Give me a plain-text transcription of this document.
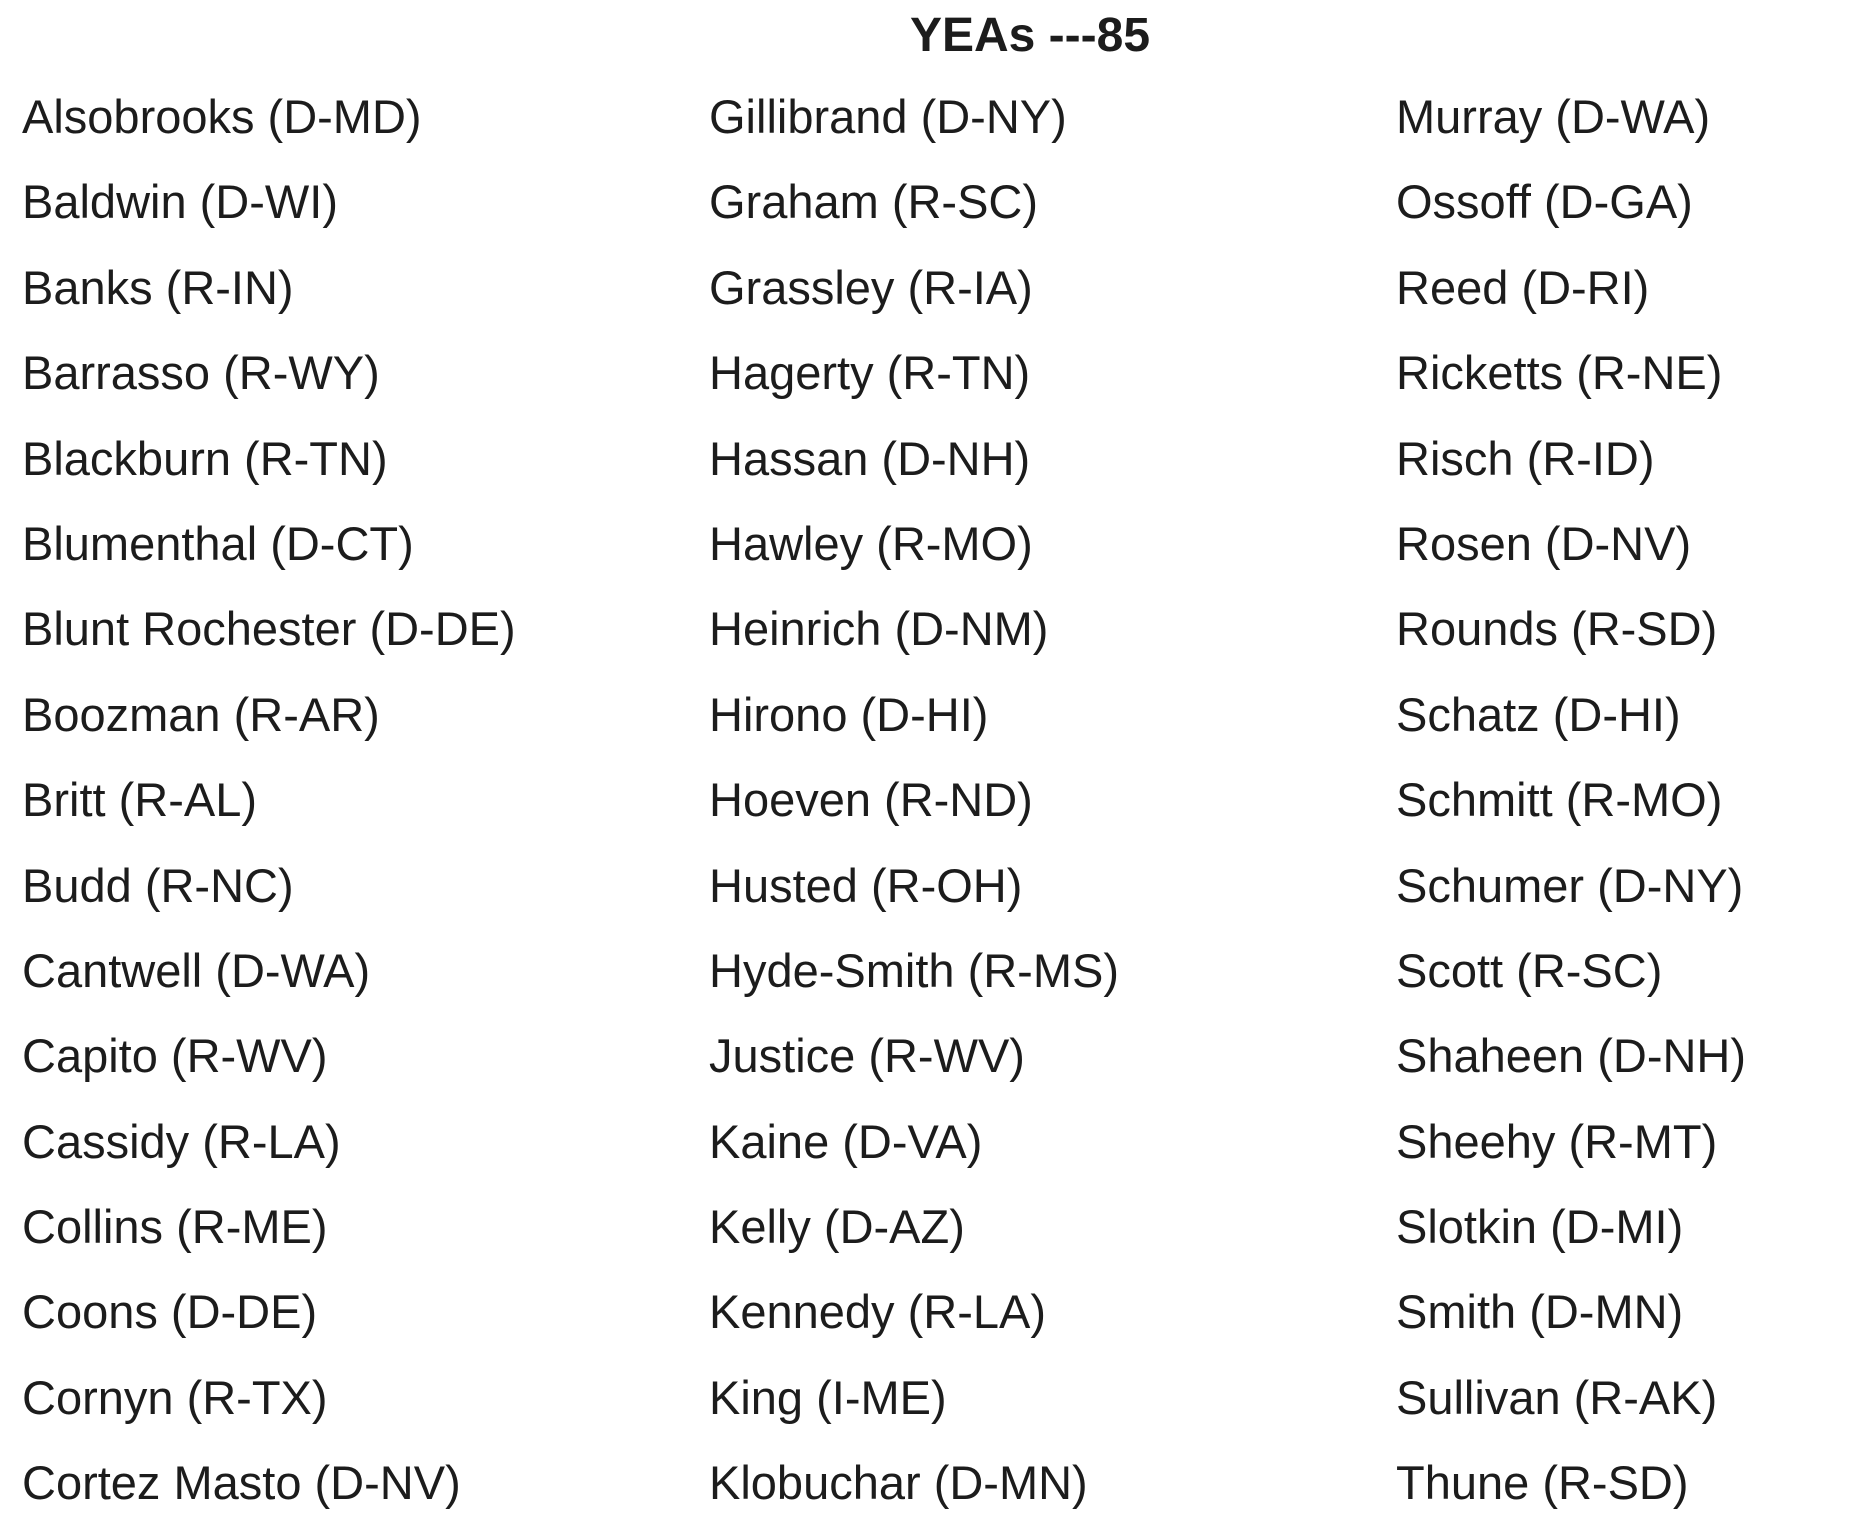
YEAs ---85
Alsobrooks (D-MD)
Baldwin (D-WI)
Banks (R-IN)
Barrasso (R-WY)
Blackburn (R-TN)
Blumenthal (D-CT)
Blunt Rochester (D-DE)
Boozman (R-AR)
Britt (R-AL)
Budd (R-NC)
Cantwell (D-WA)
Capito (R-WV)
Cassidy (R-LA)
Collins (R-ME)
Coons (D-DE)
Cornyn (R-TX)
Cortez Masto (D-NV)
Gillibrand (D-NY)
Graham (R-SC)
Grassley (R-IA)
Hagerty (R-TN)
Hassan (D-NH)
Hawley (R-MO)
Heinrich (D-NM)
Hirono (D-HI)
Hoeven (R-ND)
Husted (R-OH)
Hyde-Smith (R-MS)
Justice (R-WV)
Kaine (D-VA)
Kelly (D-AZ)
Kennedy (R-LA)
King (I-ME)
Klobuchar (D-MN)
Murray (D-WA)
Ossoff (D-GA)
Reed (D-RI)
Ricketts (R-NE)
Risch (R-ID)
Rosen (D-NV)
Rounds (R-SD)
Schatz (D-HI)
Schmitt (R-MO)
Schumer (D-NY)
Scott (R-SC)
Shaheen (D-NH)
Sheehy (R-MT)
Slotkin (D-MI)
Smith (D-MN)
Sullivan (R-AK)
Thune (R-SD)
